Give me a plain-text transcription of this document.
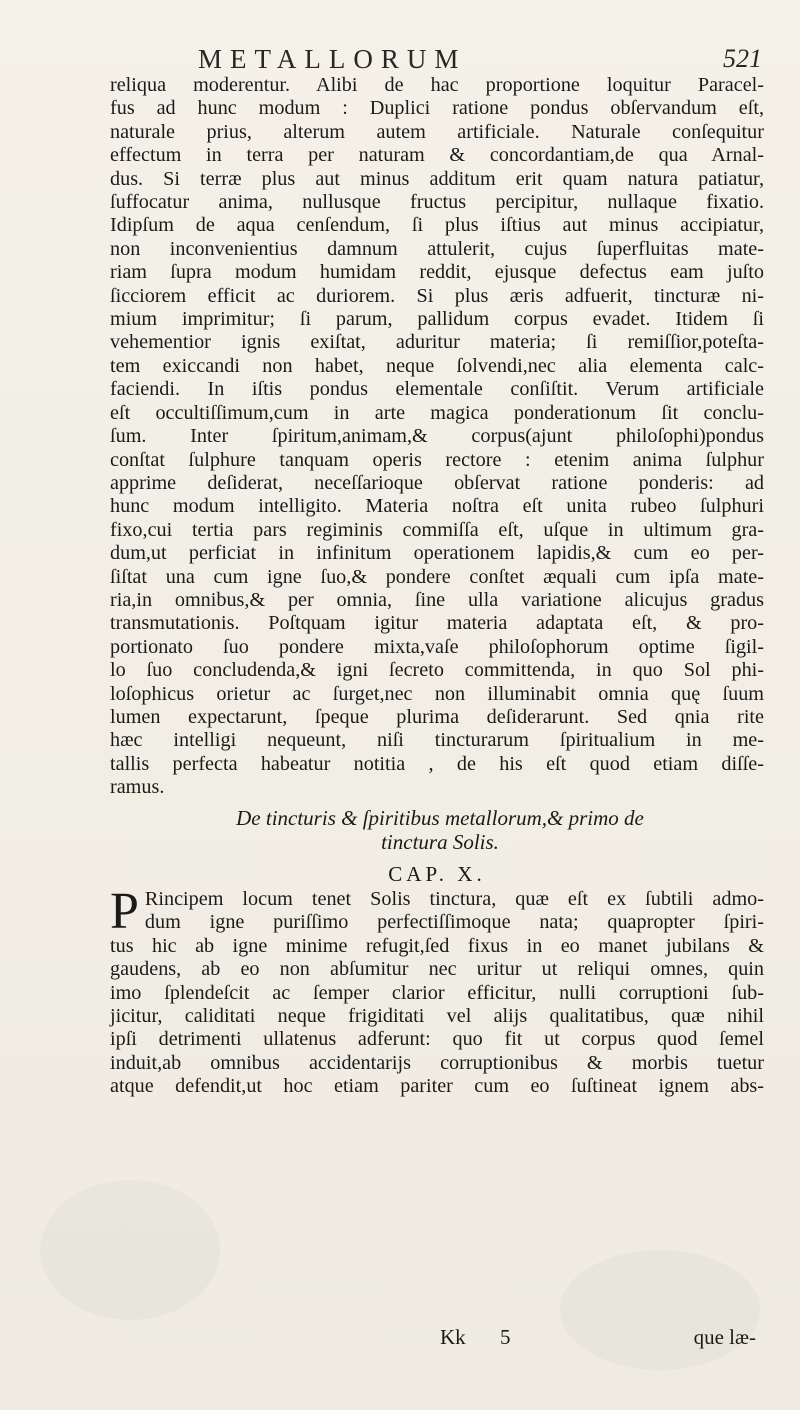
METALLORUM	521
reliqua moderentur. Alibi de hac proportione loquitur Paracel-
fus ad hunc modum : Duplici ratione pondus obſervandum eſt,
naturale prius, alterum autem artificiale. Naturale conſequitur
effectum in terra per naturam & concordantiam,de qua Arnal-
dus. Si terræ plus aut minus additum erit quam natura patiatur,
ſuffocatur anima, nullusque fructus percipitur, nullaque fixatio.
Idipſum de aqua cenſendum, ſi plus iſtius aut minus accipiatur,
non inconvenientius damnum attulerit, cujus ſuperfluitas mate-
riam ſupra modum humidam reddit, ejusque defectus eam juſto
ſicciorem efficit ac duriorem. Si plus æris adfuerit, tincturæ ni-
mium imprimitur; ſi parum, pallidum corpus evadet. Itidem ſi
vehementior ignis exiſtat, aduritur materia; ſi remiſſior,poteſta-
tem exiccandi non habet, neque ſolvendi,nec alia elementa calc-
faciendi. In iſtis pondus elementale conſiſtit. Verum artificiale
eſt occultiſſimum,cum in arte magica ponderationum ſit conclu-
ſum. Inter ſpiritum,animam,& corpus(ajunt philoſophi)pondus
conſtat ſulphure tanquam operis rectore : etenim anima ſulphur
apprime deſiderat, neceſſarioque obſervat ratione ponderis: ad
hunc modum intelligito. Materia noſtra eſt unita rubeo ſulphuri
fixo,cui tertia pars regiminis commiſſa eſt, uſque in ultimum gra-
dum,ut perficiat in infinitum operationem lapidis,& cum eo per-
ſiſtat una cum igne ſuo,& pondere conſtet æquali cum ipſa mate-
ria,in omnibus,& per omnia, ſine ulla variatione alicujus gradus
transmutationis. Poſtquam igitur materia adaptata eſt, & pro-
portionato ſuo pondere mixta,vaſe philoſophorum optime ſigil-
lo ſuo concludenda,& igni ſecreto committenda, in quo Sol phi-
loſophicus orietur ac ſurget,nec non illuminabit omnia quę ſuum
lumen expectarunt, ſpeque plurima deſiderarunt. Sed qnia rite
hæc intelligi nequeunt, niſi tincturarum ſpiritualium in me-
tallis perfecta habeatur notitia , de his eſt quod etiam diſſe-
ramus.
De tincturis & ſpiritibus metallorum,& primo de
tinctura Solis.
CAP. X.
P Rincipem locum tenet Solis tinctura, quæ eſt ex ſubtili admo-
dum igne puriſſimo perfectiſſimoque nata; quapropter ſpiri-
tus hic ab igne minime refugit,ſed fixus in eo manet jubilans &
gaudens, ab eo non abſumitur nec uritur ut reliqui omnes, quin
imo ſplendeſcit ac ſemper clarior efficitur, nulli corruptioni ſub-
jicitur, caliditati neque frigiditati vel alijs qualitatibus, quæ nihil
ipſi detrimenti ullatenus adferunt: quo fit ut corpus quod ſemel
induit,ab omnibus accidentarijs corruptionibus & morbis tuetur
atque defendit,ut hoc etiam pariter cum eo ſuſtineat ignem abs-
Kk 5	que læ-
